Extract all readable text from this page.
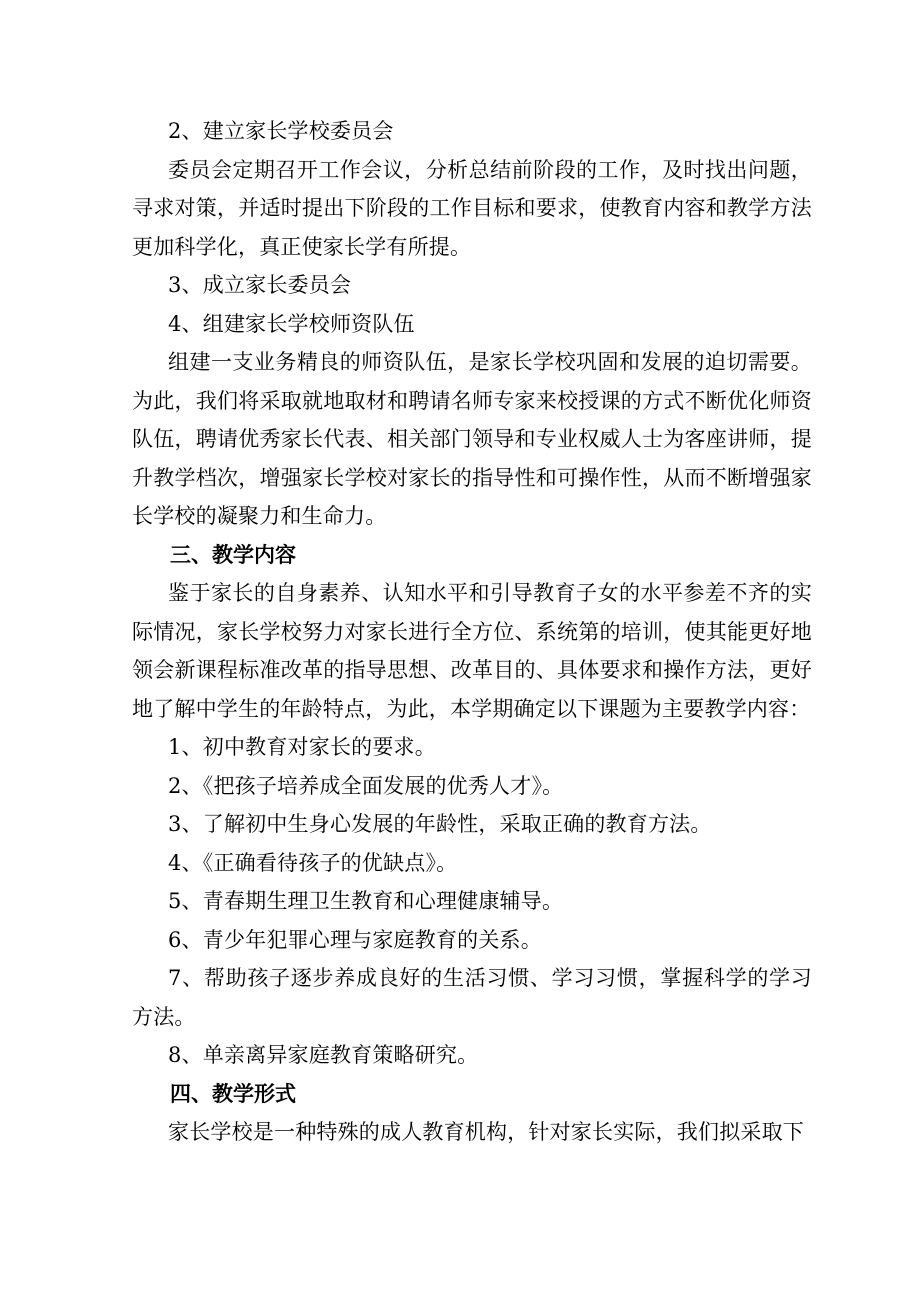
2、建立家长学校委员会

委员会定期召开工作会议，分析总结前阶段的工作，及时找出问题，寻求对策，并适时提出下阶段的工作目标和要求，使教育内容和教学方法更加科学化，真正使家长学有所提。

3、成立家长委员会

4、组建家长学校师资队伍

组建一支业务精良的师资队伍，是家长学校巩固和发展的迫切需要。为此，我们将采取就地取材和聘请名师专家来校授课的方式不断优化师资队伍，聘请优秀家长代表、相关部门领导和专业权威人士为客座讲师，提升教学档次，增强家长学校对家长的指导性和可操作性，从而不断增强家长学校的凝聚力和生命力。

三、教学内容

鉴于家长的自身素养、认知水平和引导教育子女的水平参差不齐的实际情况，家长学校努力对家长进行全方位、系统第的培训，使其能更好地领会新课程标准改革的指导思想、改革目的、具体要求和操作方法，更好地了解中学生的年龄特点，为此，本学期确定以下课题为主要教学内容：

1、初中教育对家长的要求。

2、《把孩子培养成全面发展的优秀人才》。

3、了解初中生身心发展的年龄性，采取正确的教育方法。

4、《正确看待孩子的优缺点》。

5、青春期生理卫生教育和心理健康辅导。

6、青少年犯罪心理与家庭教育的关系。

7、帮助孩子逐步养成良好的生活习惯、学习习惯，掌握科学的学习方法。

8、单亲离异家庭教育策略研究。

四、教学形式

家长学校是一种特殊的成人教育机构，针对家长实际，我们拟采取下
